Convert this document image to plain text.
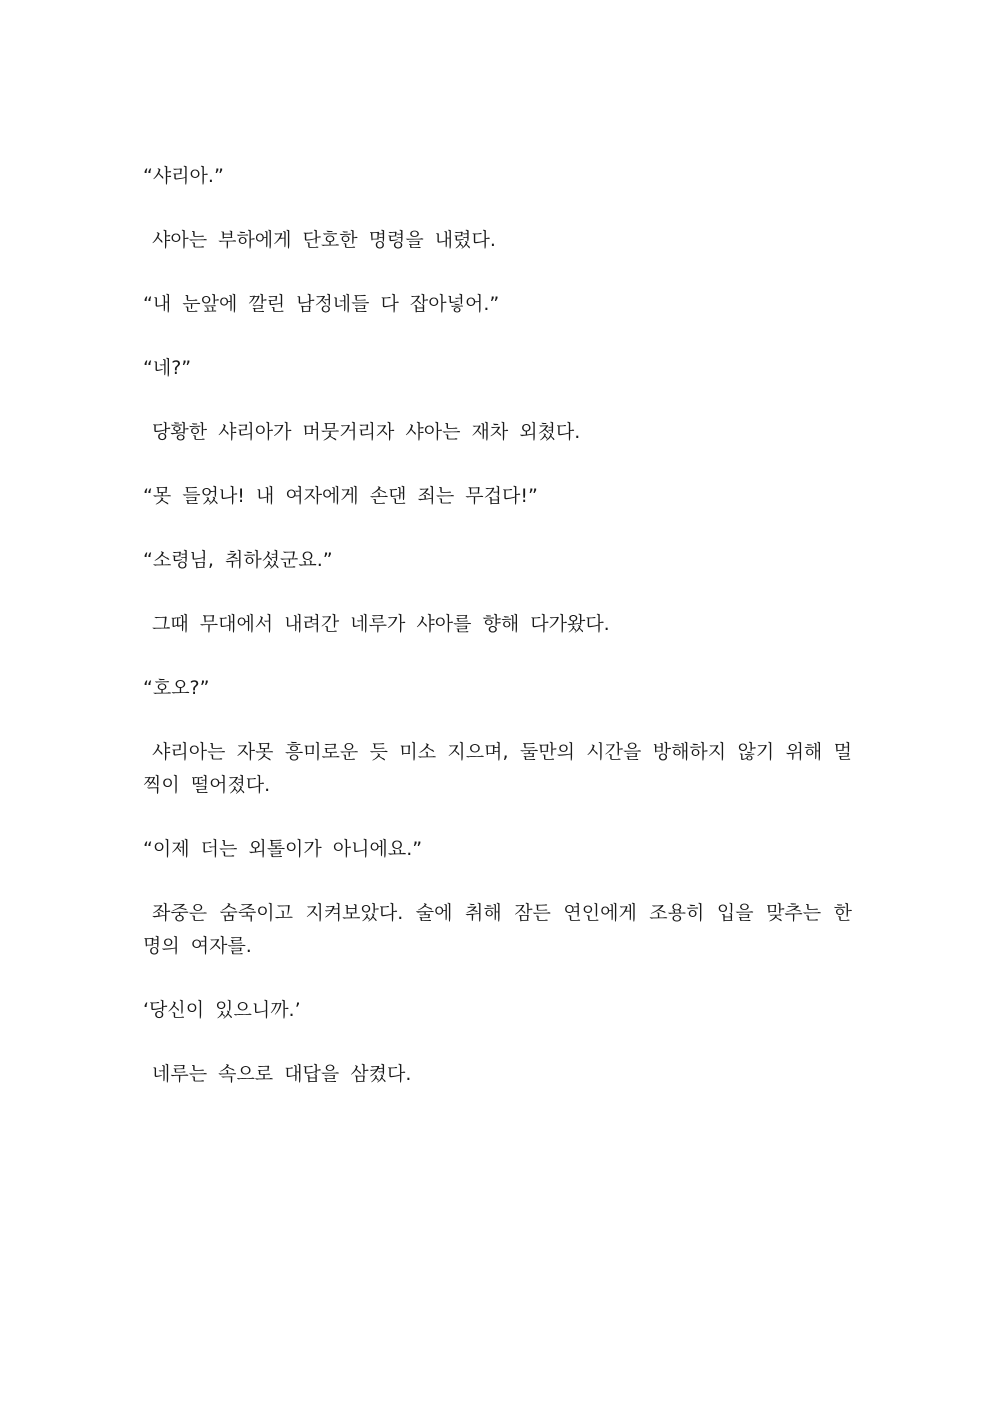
“샤리아.”

샤아는 부하에게 단호한 명령을 내렸다.

“내 눈앞에 깔린 남정네들 다 잡아넣어.”

“네?”

당황한 샤리아가 머뭇거리자 샤아는 재차 외쳤다.

“못 들었나! 내 여자에게 손댄 죄는 무겁다!”

“소령님, 취하셨군요.”

그때 무대에서 내려간 네루가 샤아를 향해 다가왔다.

“호오?”

샤리아는 자못 흥미로운 듯 미소 지으며, 둘만의 시간을 방해하지 않기 위해 멀찍이 떨어졌다.

“이제 더는 외톨이가 아니에요.”

좌중은 숨죽이고 지켜보았다. 술에 취해 잠든 연인에게 조용히 입을 맞추는 한 명의 여자를.

‘당신이 있으니까.’

네루는 속으로 대답을 삼켰다.
